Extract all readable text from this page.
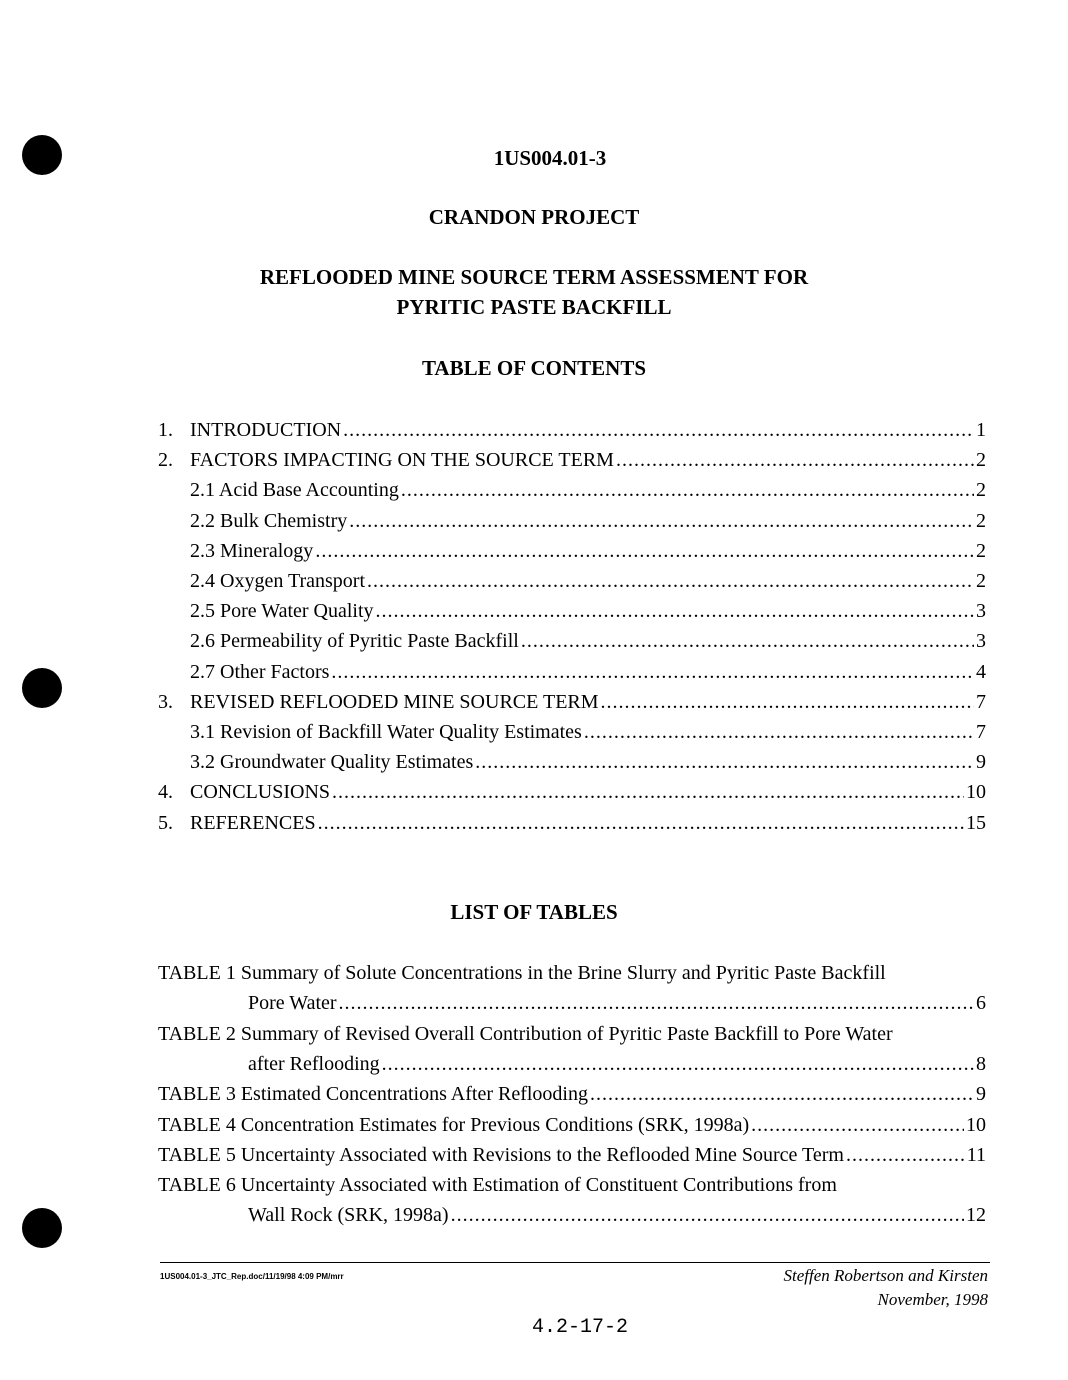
1US004.01-3
CRANDON PROJECT
REFLOODED MINE SOURCE TERM ASSESSMENT FOR
PYRITIC PASTE BACKFILL
TABLE OF CONTENTS
1. INTRODUCTION .....	1
2. FACTORS IMPACTING ON THE SOURCE TERM .....	2
2.1 Acid Base Accounting .....	2
2.2 Bulk Chemistry .....	2
2.3 Mineralogy .....	2
2.4 Oxygen Transport .....	2
2.5 Pore Water Quality .....	3
2.6 Permeability of Pyritic Paste Backfill .....	3
2.7 Other Factors .....	4
3. REVISED REFLOODED MINE SOURCE TERM .....	7
3.1 Revision of Backfill Water Quality Estimates .....	7
3.2 Groundwater Quality Estimates .....	9
4. CONCLUSIONS .....	10
5. REFERENCES .....	15
LIST OF TABLES
TABLE 1 Summary of Solute Concentrations in the Brine Slurry and Pyritic Paste Backfill
Pore Water .....	6
TABLE 2 Summary of Revised Overall Contribution of Pyritic Paste Backfill to Pore Water
after Reflooding .....	8
TABLE 3 Estimated Concentrations After Reflooding .....	9
TABLE 4 Concentration Estimates for Previous Conditions (SRK, 1998a) .....	10
TABLE 5 Uncertainty Associated with Revisions to the Reflooded Mine Source Term .....	11
TABLE 6 Uncertainty Associated with Estimation of Constituent Contributions from
Wall Rock (SRK, 1998a) .....	12
1US004.01-3_JTC_Rep.doc/11/19/98 4:09 PM/mrr	Steffen Robertson and Kirsten
November, 1998
4.2-17-2
